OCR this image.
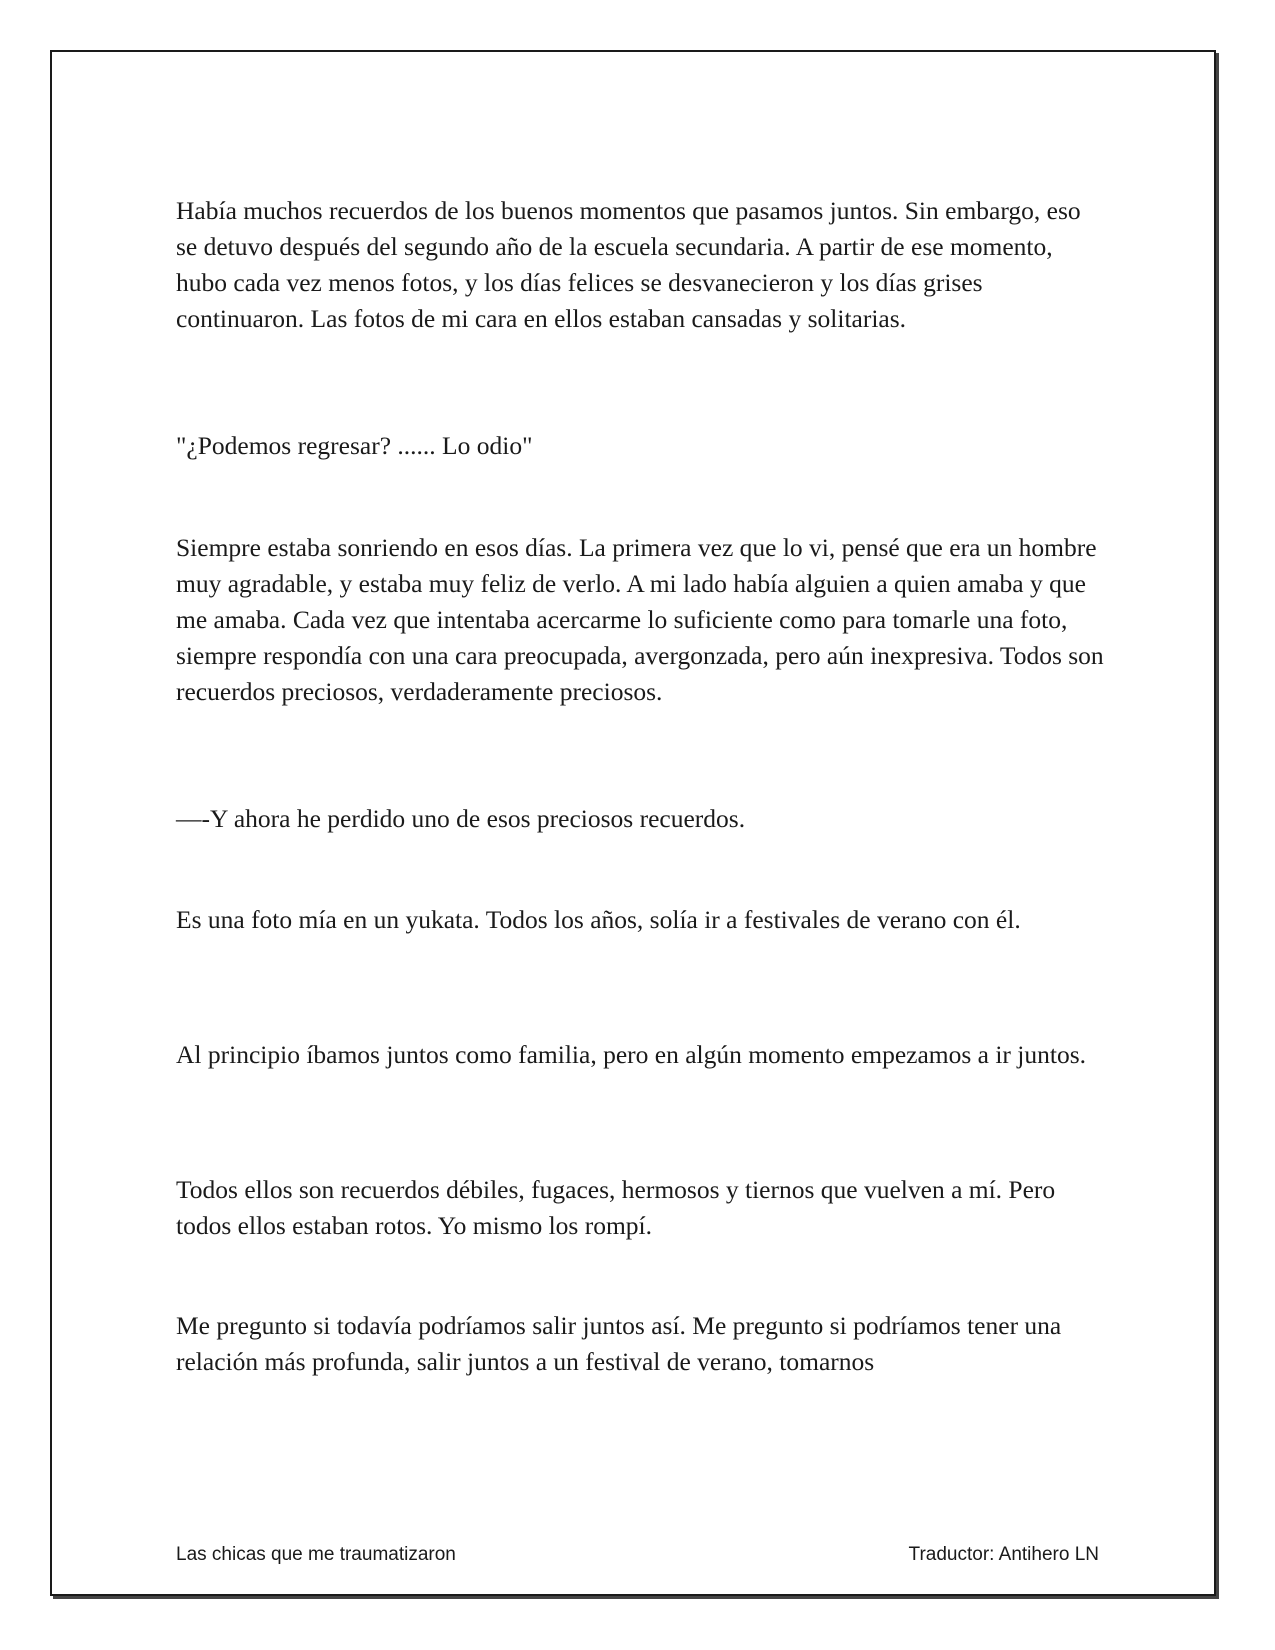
Había muchos recuerdos de los buenos momentos que pasamos juntos. Sin embargo, eso se detuvo después del segundo año de la escuela secundaria. A partir de ese momento, hubo cada vez menos fotos, y los días felices se desvanecieron y los días grises continuaron. Las fotos de mi cara en ellos estaban cansadas y solitarias.

"¿Podemos regresar? ...... Lo odio"

Siempre estaba sonriendo en esos días. La primera vez que lo vi, pensé que era un hombre muy agradable, y estaba muy feliz de verlo. A mi lado había alguien a quien amaba y que me amaba. Cada vez que intentaba acercarme lo suficiente como para tomarle una foto, siempre respondía con una cara preocupada, avergonzada, pero aún inexpresiva. Todos son recuerdos preciosos, verdaderamente preciosos.

—-Y ahora he perdido uno de esos preciosos recuerdos.

Es una foto mía en un yukata. Todos los años, solía ir a festivales de verano con él.

Al principio íbamos juntos como familia, pero en algún momento empezamos a ir juntos.

Todos ellos son recuerdos débiles, fugaces, hermosos y tiernos que vuelven a mí. Pero todos ellos estaban rotos. Yo mismo los rompí.

Me pregunto si todavía podríamos salir juntos así. Me pregunto si podríamos tener una relación más profunda, salir juntos a un festival de verano, tomarnos

Las chicas que me traumatizaron	Traductor: Antihero LN
